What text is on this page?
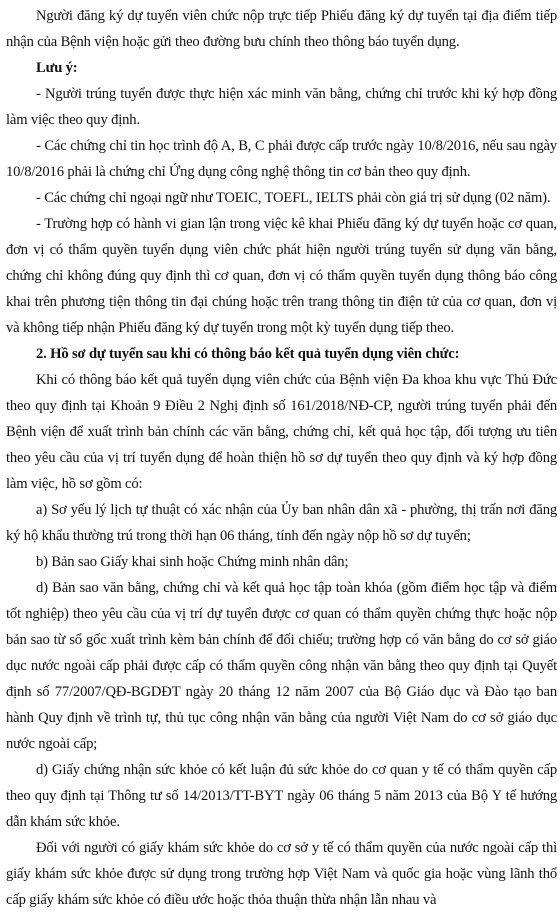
Người đăng ký dự tuyển viên chức nộp trực tiếp Phiếu đăng ký dự tuyển tại địa điểm tiếp nhận của Bệnh viện hoặc gửi theo đường bưu chính theo thông báo tuyển dụng.

Lưu ý:

- Người trúng tuyển được thực hiện xác minh văn bằng, chứng chỉ trước khi ký hợp đồng làm việc theo quy định.

- Các chứng chỉ tin học trình độ A, B, C phải được cấp trước ngày 10/8/2016, nếu sau ngày 10/8/2016 phải là chứng chỉ Ứng dụng công nghệ thông tin cơ bản theo quy định.

- Các chứng chỉ ngoại ngữ như TOEIC, TOEFL, IELTS phải còn giá trị sử dụng (02 năm).

- Trường hợp có hành vi gian lận trong việc kê khai Phiếu đăng ký dự tuyển hoặc cơ quan, đơn vị có thẩm quyền tuyển dụng viên chức phát hiện người trúng tuyển sử dụng văn bằng, chứng chỉ không đúng quy định thì cơ quan, đơn vị có thẩm quyền tuyển dụng thông báo công khai trên phương tiện thông tin đại chúng hoặc trên trang thông tin điện tử của cơ quan, đơn vị và không tiếp nhận Phiếu đăng ký dự tuyển trong một kỳ tuyển dụng tiếp theo.

2. Hồ sơ dự tuyển sau khi có thông báo kết quả tuyển dụng viên chức:

Khi có thông báo kết quả tuyển dụng viên chức của Bệnh viện Đa khoa khu vực Thủ Đức theo quy định tại Khoản 9 Điều 2 Nghị định số 161/2018/NĐ-CP, người trúng tuyển phải đến Bệnh viện để xuất trình bản chính các văn bằng, chứng chỉ, kết quả học tập, đối tượng ưu tiên theo yêu cầu của vị trí tuyển dụng để hoàn thiện hồ sơ dự tuyển theo quy định và ký hợp đồng làm việc, hồ sơ gồm có:

a) Sơ yếu lý lịch tự thuật có xác nhận của Ủy ban nhân dân xã - phường, thị trấn nơi đăng ký hộ khẩu thường trú trong thời hạn 06 tháng, tính đến ngày nộp hồ sơ dự tuyển;

b) Bản sao Giấy khai sinh hoặc Chứng minh nhân dân;

d) Bản sao văn bằng, chứng chỉ và kết quả học tập toàn khóa (gồm điểm học tập và điểm tốt nghiệp) theo yêu cầu của vị trí dự tuyển được cơ quan có thẩm quyền chứng thực hoặc nộp bản sao từ sổ gốc xuất trình kèm bản chính để đối chiếu; trường hợp có văn bằng do cơ sở giáo dục nước ngoài cấp phải được cấp có thẩm quyền công nhận văn bằng theo quy định tại Quyết định số 77/2007/QĐ-BGDĐT ngày 20 tháng 12 năm 2007 của Bộ Giáo dục và Đào tạo ban hành Quy định về trình tự, thủ tục công nhận văn bằng của người Việt Nam do cơ sở giáo dục nước ngoài cấp;

d) Giấy chứng nhận sức khỏe có kết luận đủ sức khỏe do cơ quan y tế có thẩm quyền cấp theo quy định tại Thông tư số 14/2013/TT-BYT ngày 06 tháng 5 năm 2013 của Bộ Y tế hướng dẫn khám sức khỏe.

Đối với người có giấy khám sức khỏe do cơ sở y tế có thẩm quyền của nước ngoài cấp thì giấy khám sức khỏe được sử dụng trong trường hợp Việt Nam và quốc gia hoặc vùng lãnh thổ cấp giấy khám sức khỏe có điều ước hoặc thỏa thuận thừa nhận lẫn nhau và
